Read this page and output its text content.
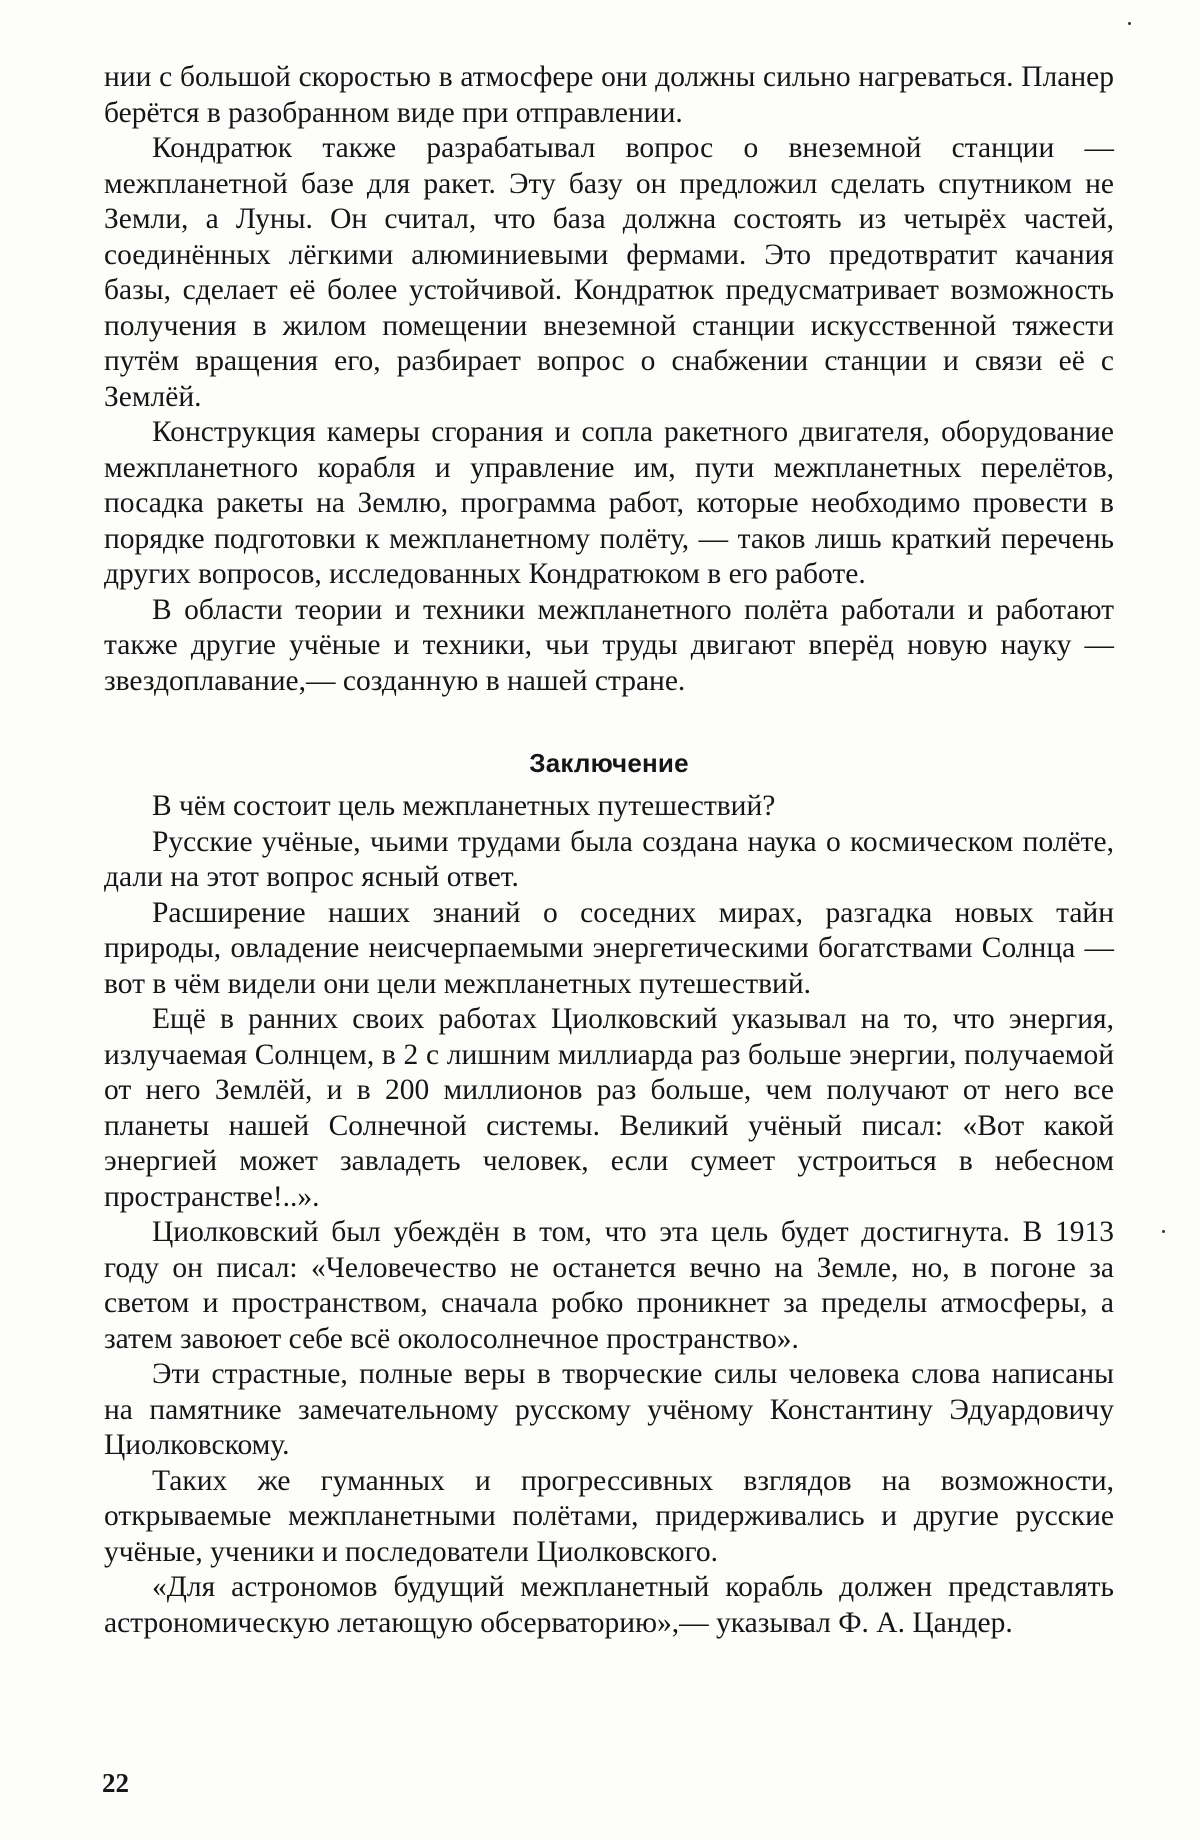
нии с большой скоростью в атмосфере они должны сильно нагреваться. Планер берётся в разобранном виде при отправлении.

Кондратюк также разрабатывал вопрос о внеземной станции — межпланетной базе для ракет. Эту базу он предложил сделать спутником не Земли, а Луны. Он считал, что база должна состоять из четырёх частей, соединённых лёгкими алюминиевыми фермами. Это предотвратит качания базы, сделает её более устойчивой. Кондратюк предусматривает возможность получения в жилом помещении внеземной станции искусственной тяжести путём вращения его, разбирает вопрос о снабжении станции и связи её с Землёй.

Конструкция камеры сгорания и сопла ракетного двигателя, оборудование межпланетного корабля и управление им, пути межпланетных перелётов, посадка ракеты на Землю, программа работ, которые необходимо провести в порядке подготовки к межпланетному полёту, — таков лишь краткий перечень других вопросов, исследованных Кондратюком в его работе.

В области теории и техники межпланетного полёта работали и работают также другие учёные и техники, чьи труды двигают вперёд новую науку — звездоплавание,— созданную в нашей стране.

Заключение

В чём состоит цель межпланетных путешествий?

Русские учёные, чьими трудами была создана наука о космическом полёте, дали на этот вопрос ясный ответ.

Расширение наших знаний о соседних мирах, разгадка новых тайн природы, овладение неисчерпаемыми энергетическими богатствами Солнца — вот в чём видели они цели межпланетных путешествий.

Ещё в ранних своих работах Циолковский указывал на то, что энергия, излучаемая Солнцем, в 2 с лишним миллиарда раз больше энергии, получаемой от него Землёй, и в 200 миллионов раз больше, чем получают от него все планеты нашей Солнечной системы. Великий учёный писал: «Вот какой энергией может завладеть человек, если сумеет устроиться в небесном пространстве!..».

Циолковский был убеждён в том, что эта цель будет достигнута. В 1913 году он писал: «Человечество не останется вечно на Земле, но, в погоне за светом и пространством, сначала робко проникнет за пределы атмосферы, а затем завоюет себе всё околосолнечное пространство».

Эти страстные, полные веры в творческие силы человека слова написаны на памятнике замечательному русскому учёному Константину Эдуардовичу Циолковскому.

Таких же гуманных и прогрессивных взглядов на возможности, открываемые межпланетными полётами, придерживались и другие русские учёные, ученики и последователи Циолковского.

«Для астрономов будущий межпланетный корабль должен представлять астрономическую летающую обсерваторию»,— указывал Ф. А. Цандер.

22
